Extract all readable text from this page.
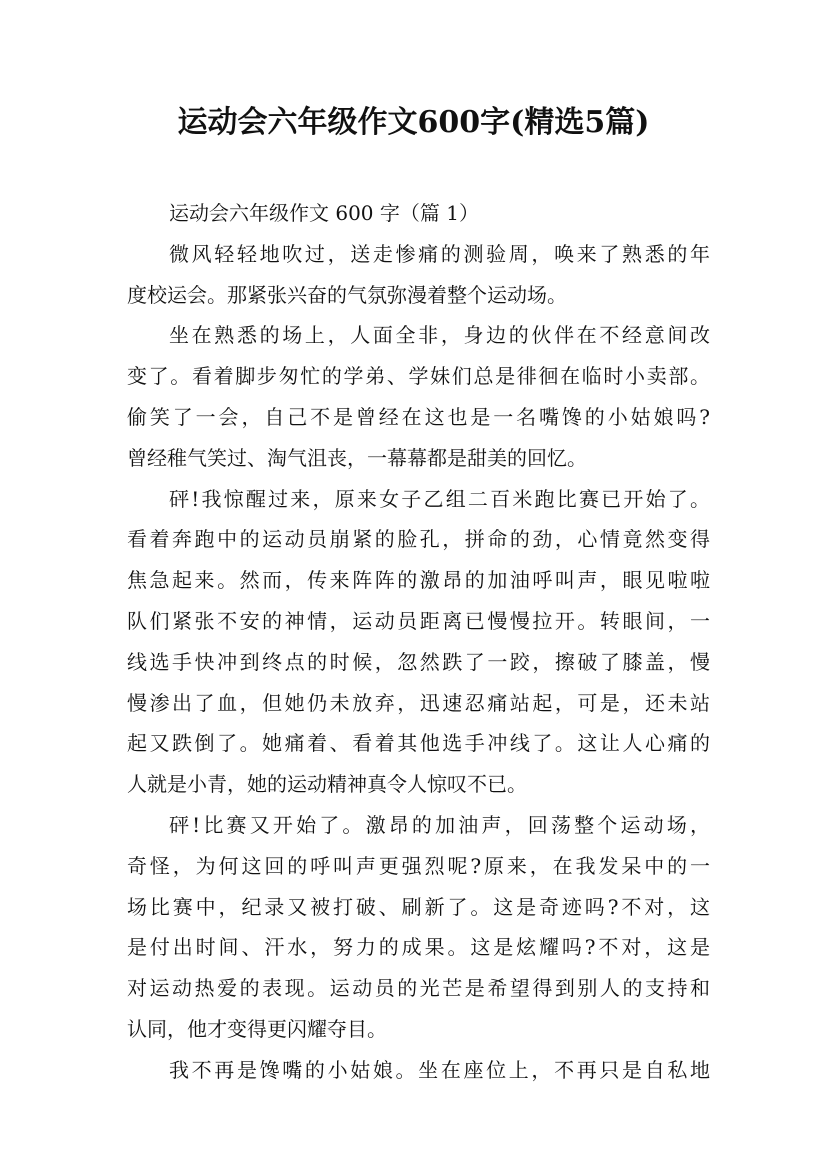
运动会六年级作文600字(精选5篇)
运动会六年级作文 600 字（篇 1）
微风轻轻地吹过，送走惨痛的测验周，唤来了熟悉的年
度校运会。那紧张兴奋的气氛弥漫着整个运动场。
坐在熟悉的场上，人面全非，身边的伙伴在不经意间改
变了。看着脚步匆忙的学弟、学妹们总是徘徊在临时小卖部。
偷笑了一会，自己不是曾经在这也是一名嘴馋的小姑娘吗?
曾经稚气笑过、淘气沮丧，一幕幕都是甜美的回忆。
砰!我惊醒过来，原来女子乙组二百米跑比赛已开始了。
看着奔跑中的运动员崩紧的脸孔，拼命的劲，心情竟然变得
焦急起来。然而，传来阵阵的激昂的加油呼叫声，眼见啦啦
队们紧张不安的神情，运动员距离已慢慢拉开。转眼间，一
线选手快冲到终点的时候，忽然跌了一跤，擦破了膝盖，慢
慢渗出了血，但她仍未放弃，迅速忍痛站起，可是，还未站
起又跌倒了。她痛着、看着其他选手冲线了。这让人心痛的
人就是小青，她的运动精神真令人惊叹不已。
砰!比赛又开始了。激昂的加油声，回荡整个运动场，
奇怪，为何这回的呼叫声更强烈呢?原来，在我发呆中的一
场比赛中，纪录又被打破、刷新了。这是奇迹吗?不对，这
是付出时间、汗水，努力的成果。这是炫耀吗?不对，这是
对运动热爱的表现。运动员的光芒是希望得到别人的支持和
认同，他才变得更闪耀夺目。
我不再是馋嘴的小姑娘。坐在座位上，不再只是自私地
